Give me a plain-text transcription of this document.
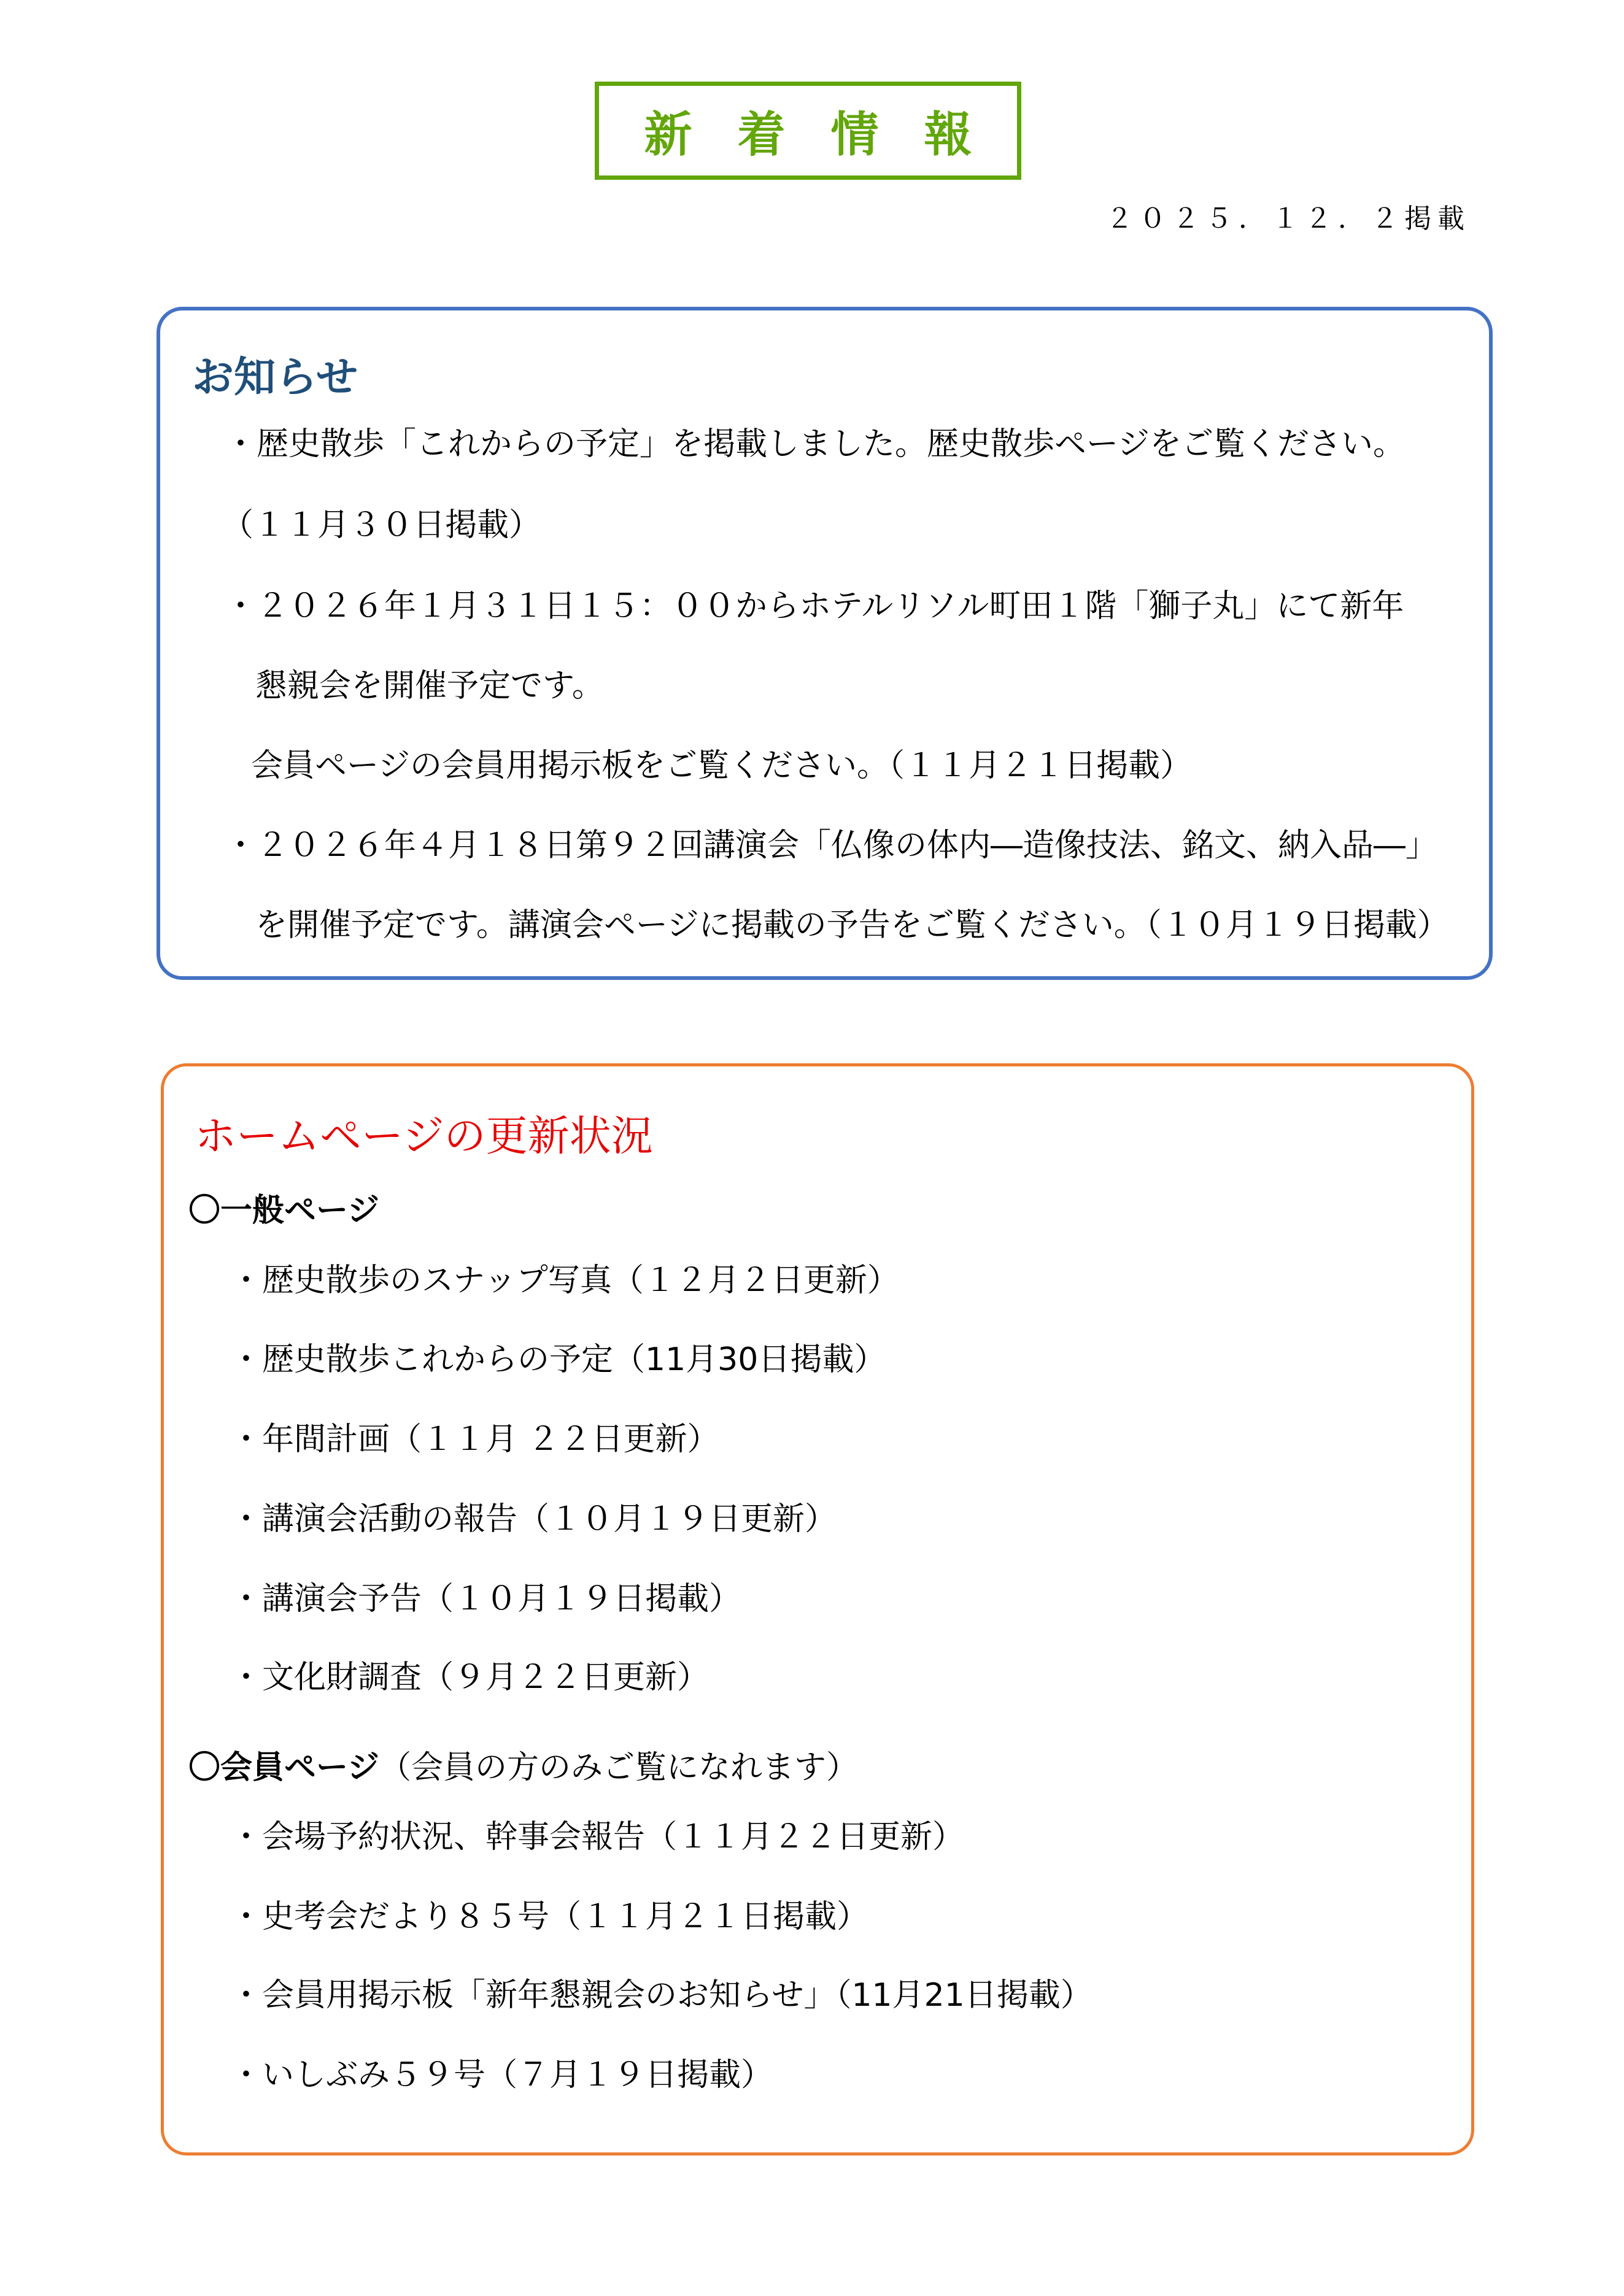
新着情報
２０２５．１２．２掲載
お知らせ
・歴史散歩「これからの予定」を掲載しました。歴史散歩ページをご覧ください。
（１１月３０日掲載）
・２０２６年１月３１日１５：００からホテルリソル町田１階「獅子丸」にて新年
懇親会を開催予定です。
会員ページの会員用掲示板をご覧ください。（１１月２１日掲載）
・２０２６年４月１８日第９２回講演会「仏像の体内―造像技法、銘文、納入品―」
を開催予定です。講演会ページに掲載の予告をご覧ください。（１０月１９日掲載）
ホームページの更新状況
〇一般ページ
・歴史散歩のスナップ写真（１２月２日更新）
・歴史散歩これからの予定（11月30日掲載）
・年間計画（１１月 ２２日更新）
・講演会活動の報告（１０月１９日更新）
・講演会予告（１０月１９日掲載）
・文化財調査（９月２２日更新）
〇会員ページ（会員の方のみご覧になれます）
・会場予約状況、幹事会報告（１１月２２日更新）
・史考会だより８５号（１１月２１日掲載）
・会員用掲示板「新年懇親会のお知らせ」（11月21日掲載）
・いしぶみ５９号（７月１９日掲載）
